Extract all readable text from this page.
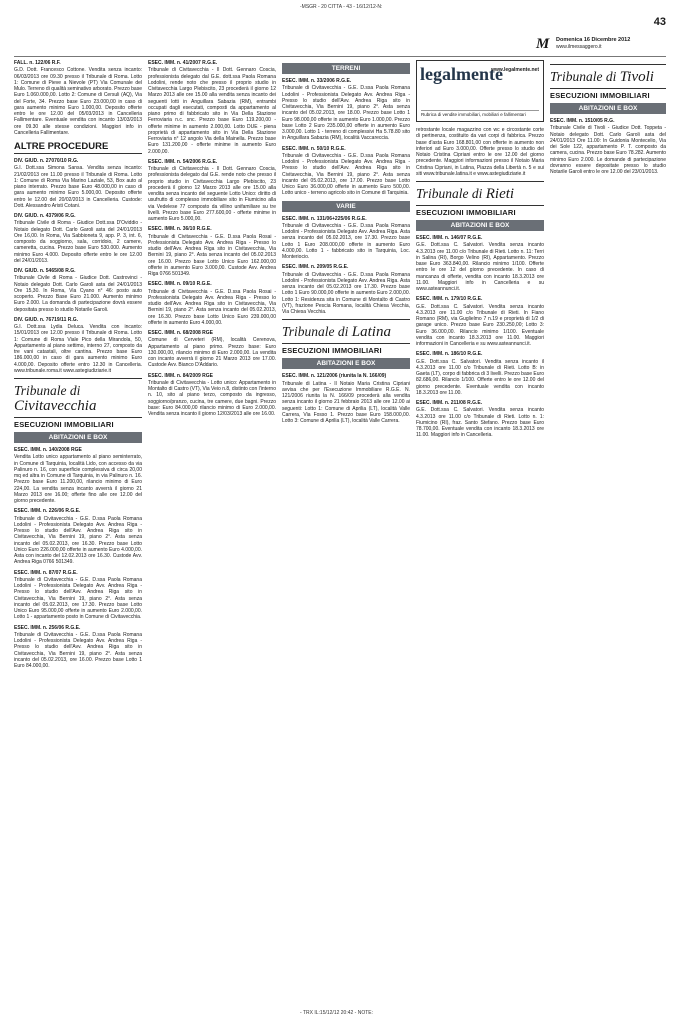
-MSGR - 20 CITTA - 43 - 16/12/12-N:
43
M Domenica 16 Dicembre 2012
www.ilmessaggero.it
FALL. n. 122/06 R.F.
G.D. Dott. Francesco Cottone. Vendita senza incanto: 06/03/2013 ore 09.30 presso il Tribunale di Roma. Lotto 1: Comune di Pieve a Nievole (PT) Via Comunale del Mulo. Terreno di qualità seminativo arborato. Prezzo base Euro 1.060.000,00. Lotto 2: Comune di Cersuli (AQ), Via del Forte, 34. Prezzo base Euro 23.000,00 in caso di gara aumento minimo Euro 1.000,00. Deposito offerte entro le ore 12.00 del 05/03/2013 in Cancelleria Fallimentare. Eventuale vendita con incanto 13/03/2013 ore 09.30 alle stesse condizioni. Maggiori info in Cancelleria Fallimentare.
ALTRE PROCEDURE
DIV. GIUD. n. 27070/10 R.G.
G.I. Dott.ssa Simona Sansa. Vendita senza incanto: 21/02/2013 ore 11.00 presso il Tribunale di Roma. Lotto 1: Comune di Roma Via Marino Laziale, 53, Box auto al piano interrato. Prezzo base Euro 48.000,00 in caso di gara aumento minimo Euro 5.000,00. Deposito offerte entro le 12.00 del 20/02/2013 in Cancelleria. Custode: Dott. Alessandro Aristi Cotani.
DIV. GIUD. n. 4379/06 R.G.
Tribunale Civile di Roma - Giudice Dott.ssa D'Oviddio - Notaio delegato Dott. Carlo Garoli asta del 24/01/2013 Ore 16,00. In Roma, Via Sabbioneta 9, app. P. 3, int. 6, composto da soggiorno, sala, corridoio, 2 camere, cameretta, cucina. Prezzo base Euro 530.000. Aumento minimo Euro 4.000. Deposito offerte entro le ore 12.00 del 24/01/2013.
DIV. GIUD. n. 5465/08 R.G.
Tribunale Civile di Roma - Giudice Dott. Castrovinci - Notaio delegato Dott. Carlo Garoli asta del 24/01/2013 Ore 15,30. In Roma, Via Cyano n° 46: posto auto scoperto. Prezzo Base Euro 21.000. Aumento minimo Euro 2.000. La domanda di partecipazione dovrà essere depositata presso lo studio Notarile Garoli.
DIV. GIUD. n. 76719/11 R.G.
G.I. Dott.ssa Lydia Deluca. Vendita con incanto: 15/01/2013 ore 12.00 presso il Tribunale di Roma. Lotto 1: Comune di Roma Viale Pico della Mirandola, 50, Appartamento al piano settimo, interno 27, composto da tre vani catastali, oltre cantina. Prezzo base Euro 186.000,00 in caso di gara aumento minimo Euro 4.000,00. Deposito offerte entro 12.30 in Cancelleria. www.tribunale.roma.it www.astegiudiziarie.it
Tribunale di Civitavecchia
ESECUZIONI IMMOBILIARI
ABITAZIONI E BOX
ESEC. IMM. n. 140/2008 RGE
Vendita Lotto unico appartamento al piano seminterrato, in Comune di Tarquinia, località Lido, con accesso da via Palinuro n. 16, con superficie complessiva di circa 20,00 mq ed altra in Comune di Tarquinia, in via Palinuro n. 16. Prezzo base Euro 11.200,00, rilancio minimo di Euro 224,00. La vendita senza incanto avverrà il giorno 21 Marzo 2013 ore 16.00; offerte fino alle ore 12.00 del giorno precedente.
ESEC. IMM. n. 226/06 R.G.E.
Tribunale di Civitavecchia - G.E. D.ssa Paola Romana Lodolini - Professionista Delegato Avv. Andrea Riga - Presso lo studio dell'Avv. Andrea Riga sito in Civitavecchia, Via Bernini 19, piano 2°. Asta senza incanto del 05.02.2013, ore 16.30. Prezzo base Lotto Unico Euro 226.000,00 offerte in aumento Euro 4.000,00. Asta con incanto del 12.02.2013 ore 16.30. Custode Avv. Andrea Riga 0766 501349.
ESEC. IMM. n. 87/07 R.G.E.
Tribunale di Civitavecchia - G.E. D.ssa Paola Romana Lodolini - Professionista Delegato Avv. Andrea Riga - Presso lo studio dell'Avv. Andrea Riga sito in Civitavecchia, Via Bernini 19, piano 2°. Asta senza incanto del 05.02.2013, ore 17.30. Prezzo base Lotto Unico Euro 95.000,00 offerte in aumento Euro 2.000,00. Lotto 1 - appartamento posto in Comune di Civitavecchia.
ESEC. IMM. n. 256/06 R.G.E.
Tribunale di Civitavecchia - G.E. D.ssa Paola Romana Lodolini - Professionista Delegato Avv. Andrea Riga - Presso lo studio dell'Avv. Andrea Riga sito in Civitavecchia, Via Bernini 19, piano 2°. Asta senza incanto del 05.02.2013, ore 16.00. Prezzo base Lotto 1 Euro 84.000,00.
ESEC. IMM. n. 41/2007 R.G.E.
Tribunale di Civitavecchia - Il Dott. Gennaro Coscia, professionista delegato dal G.E. dott.ssa Paola Romana Lodolini, rende noto che presso il proprio studio in Civitavecchia Largo Plebiscito, 23 procederà il giorno 12 Marzo 2013 alle ore 15.00 alla vendita senza incanto dei seguenti lotti in Anguillara Sabazia (RM), entrambi occupati dagli esecutati, composti da appartamento al piano primo di fabbricato sito in Via Della Stazione Ferroviaria n.c. snc. Prezzo base Euro 119.200,00 - offerte minime in aumento 2.000,00. Lotto DUE - piena proprietà di appartamento sito in Via Della Stazione Ferroviaria n° 12 angolo Via della Mainella. Prezzo base Euro 131.200,00 - offerte minime in aumento Euro 2.000,00.
ESEC. IMM. n. 54/2006 R.G.E.
Tribunale di Civitavecchia - Il Dott. Gennaro Coscia, professionista delegato dal G.E. rende noto che presso il proprio studio in Civitavecchia Largo Plebiscito, 23 procederà il giorno 12 Marzo 2013 alle ore 15.00 alla vendita senza incanto del seguente Lotto Unico: diritto di usufrutto di complesso immobiliare sito in Fiumicino alla via Vedelese 77 composto da villino unifamiliare su tre livelli. Prezzo base Euro 277.600,00 - offerte minime in aumento Euro 5.000,00.
ESEC. IMM. n. 36/10 R.G.E.
Tribunale di Civitavecchia - G.E. D.ssa Paola Rosai - Professionista Delegato Avv. Andrea Riga - Presso lo studio dell'Avv. Andrea Riga sito in Civitavecchia, Via Bernini 19, piano 2°. Asta senza incanto del 05.02.2013 ore 16.00. Prezzo base Lotto Unico Euro 162.000,00 offerte in aumento Euro 3.000,00. Custode Avv. Andrea Riga 0766 501349.
ESEC. IMM. n. 09/10 R.G.E.
Tribunale di Civitavecchia - G.E. D.ssa Paola Rosai - Professionista Delegato Avv. Andrea Riga - Presso lo studio dell'Avv. Andrea Riga sito in Civitavecchia, Via Bernini 19, piano 2°. Asta senza incanto del 05.02.2013, ore 16.30. Prezzo base Lotto Unico Euro 239.000,00 offerte in aumento Euro 4.000,00.
ESEC. IMM. n. 68/2008 RGE
Comune di Cerveteri (RM), località Cerenova, Appartamento al piano primo. Prezzo base: Euro 130.000,00, rilancio minimo di Euro 2.000,00. La vendita con incanto avverrà il giorno 21 Marzo 2013 ore 17.00. Custode Avv. Bianco D'Addario.
ESEC. IMM. n. 84/2009 RGE
Tribunale di Civitavecchia - Lotto unico: Appartamento in Montalto di Castro (VT), Via Veio n.8, distinto con l'interno n. 10, sito al piano terzo, composto da ingresso, soggiorno/pranzo, cucina, tre camere, due bagni. Prezzo base: Euro 84.000,00 rilancio minimo di Euro 2.000,00. Vendita senza incanto il giorno 12/03/2013 alle ore 16.00.
TERRENI
ESEC. IMM. n. 33/2006 R.G.E.
Tribunale di Civitavecchia - G.E. D.ssa Paola Romana Lodolini - Professionista Delegato Avv. Andrea Riga - Presso lo studio dell'Avv. Andrea Riga sito in Civitavecchia, Via Bernini 19, piano 2°. Asta senza incanto del 05.02.2013, ore 18.00. Prezzo base Lotto 1 Euro 98.000,00 offerte in aumento Euro 1.000,00. Prezzo base Lotto 2 Euro 235.000,00 offerte in aumento Euro 3.000,00. Lotto 1 - terreno di complessivi Ha 5.78.80 sito in Anguillara Sabazia (RM), località Vaccareccia.
ESEC. IMM. n. 50/10 R.G.E.
Tribunale di Civitavecchia - G.E. D.ssa Paola Romana Lodolini - Professionista Delegato Avv. Andrea Riga - Presso lo studio dell'Avv. Andrea Riga sito in Civitavecchia, Via Bernini 19, piano 2°. Asta senza incanto del 05.02.2013, ore 17.00. Prezzo base Lotto Unico Euro 36.000,00 offerte in aumento Euro 500,00. Lotto unico - terreno agricolo sito in Comune di Tarquinia.
VARIE
ESEC. IMM. n. 131/06+225/06 R.G.E.
Tribunale di Civitavecchia - G.E. D.ssa Paola Romana Lodolini - Professionista Delegato Avv. Andrea Riga. Asta senza incanto del 05.02.2013, ore 17.30. Prezzo base Lotto 1 Euro 208.000,00 offerte in aumento Euro 4.000,00. Lotto 1 - fabbricato sito in Tarquinia, Loc. Monteriocio.
ESEC. IMM. n. 209/05 R.G.E.
Tribunale di Civitavecchia - G.E. D.ssa Paola Romana Lodolini - Professionista Delegato Avv. Andrea Riga. Asta senza incanto del 05.02.2013 ore 17.30. Prezzo base Lotto 1 Euro 90.000,00 offerte in aumento Euro 2.000,00. Lotto 1: Residenza sita in Comune di Montalto di Castro (VT), frazione Pescia Romana, località Chiesa Vecchia, Via Chiesa Vecchia.
Tribunale di Latina
ESECUZIONI IMMOBILIARI
ABITAZIONI E BOX
ESEC. IMM. n. 121/2006 (riunita la N. 166/09)
Tribunale di Latina - Il Notaio Maria Cristina Cipriani avvisa che per l'Esecuzione Immobiliare R.G.E. N. 121/2006 riunita la N. 166/09 procederà alla vendita senza incanto il giorno 21 febbraio 2013 alle ore 12.00 ai seguenti: Lotto 1: Comune di Aprilia (LT), località Valle Carrera, Via Fosso 1. Prezzo base Euro 158.000,00. Lotto 3: Comune di Aprilia (LT), località Valle Carrera.
legalmente
www.legalmente.net
Rubrica di vendite immobiliari, mobiliari e fallimentari
retrostante locale magazzino con wc e circostante corte di pertinenza, costituito da vari corpi di fabbrica. Prezzo base d'asta Euro 168.801,00 con offerte in aumento non inferiori ad Euro 3.000,00. Offerte presso lo studio del Notaio Cristina Cipriani entro le ore 12.00 del giorno precedente. Maggiori informazioni presso il Notaio Maria Cristina Cipriani, in Latina, Piazza della Libertà n. 5 e sui siti www.tribunale.latina.it e www.astegiudiziarie.it
Tribunale di Rieti
ESECUZIONI IMMOBILIARI
ABITAZIONI E BOX
ESEC. IMM. n. 146/07 R.G.E.
G.E. Dott.ssa C. Salvatori. Vendita senza incanto 4.3.2013 ore 11.00 c/o Tribunale di Rieti. Lotto n. 11: Terri in Salina (RI), Borgo Velino (RI), Appartamento. Prezzo base Euro 363.840,00. Rilancio minimo 1/100. Offerte entro le ore 12 del giorno precedente. In caso di mancanza di offerte, vendita con incanto 18.3.2013 ore 11.00. Maggiori info in Cancelleria e su www.asteannunci.it.
ESEC. IMM. n. 179/10 R.G.E.
G.E. Dott.ssa C. Salvatori. Vendita senza incanto 4.3.2013 ore 11.00 c/o Tribunale di Rieti. In Fiano Romano (RM), via Guglielmo 7 n.19 e proprietà di 1/2 di garage unico. Prezzo base Euro 230.250,00; Lotto 3: Euro 36.000,00. Rilancio minimo 1/100. Eventuale vendita con incanto 18.3.2013 ore 11.00. Maggiori informazioni in Cancelleria e su www.asteannunci.it.
ESEC. IMM. n. 186/10 R.G.E.
G.E. Dott.ssa C. Salvatori. Vendita senza incanto il 4.3.2013 ore 11.00 c/o Tribunale di Rieti. Lotto B: in Gaeta (LT), corpo di fabbrica di 3 livelli. Prezzo base Euro 82.686,00. Rilancio 1/100. Offerte entro le ore 12.00 del giorno precedente. Eventuale vendita con incanto 18.3.2013 ore 11.00.
ESEC. IMM. n. 211/08 R.G.E.
G.E. Dott.ssa C. Salvatori. Vendita senza incanto 4.3.2013 ore 11.00 c/o Tribunale di Rieti. Lotto n. 1: Fiumicino (RI), fraz. Santo Stefano. Prezzo base Euro 78.700,00. Eventuale vendita con incanto 18.3.2013 ore 11.00. Maggiori info in Cancelleria.
Tribunale di Tivoli
ESECUZIONI IMMOBILIARI
ABITAZIONI E BOX
ESEC. IMM. n. 1510/05 R.G.
Tribunale Civile di Tivoli - Giudice Dott. Toppeta - Notaio delegato Dott. Carlo Garoli asta del 24/01/2013 Ore 11.00: In Guidonia Montecelio, Via dei Sole 122, appartamento P. T. composto da camera, cucina. Prezzo base Euro 78.282. Aumento minimo Euro 2.000. Le domande di partecipazione dovranno essere depositate presso lo studio Notarile Garoli entro le ore 12.00 del 23/01/2013.
- TRX IL:15/12/12 20:42 - NOTE:
